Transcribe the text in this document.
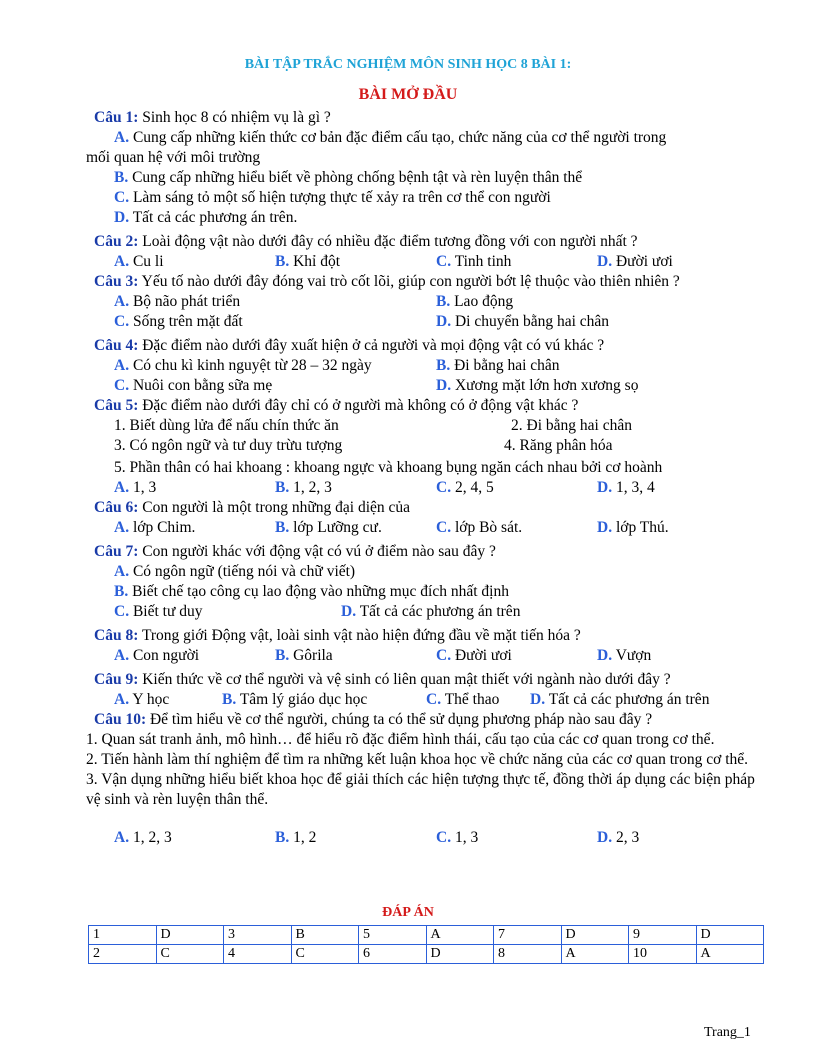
BÀI TẬP TRẮC NGHIỆM MÔN SINH HỌC 8 BÀI 1:
BÀI MỞ ĐẦU
Câu 1: Sinh học 8 có nhiệm vụ là gì ?
A. Cung cấp những kiến thức cơ bản đặc điểm cấu tạo, chức năng của cơ thể người trong
mối quan hệ với môi trường
B. Cung cấp những hiểu biết về phòng chống bệnh tật và rèn luyện thân thể
C. Làm sáng tỏ một số hiện tượng thực tế xảy ra trên cơ thể con người
D. Tất cả các phương án trên.
Câu 2: Loài động vật nào dưới đây có nhiều đặc điểm tương đồng với con người nhất ?
A. Cu li	B. Khỉ đột	C. Tinh tinh	D. Đười ươi
Câu 3: Yếu tố nào dưới đây đóng vai trò cốt lõi, giúp con người bớt lệ thuộc vào thiên nhiên ?
A. Bộ não phát triển	B. Lao động
C. Sống trên mặt đất	D. Di chuyển bằng hai chân
Câu 4: Đặc điểm nào dưới đây xuất hiện ở cả người và mọi động vật có vú khác ?
A. Có chu kì kinh nguyệt từ 28 – 32 ngày	B. Đi bằng hai chân
C. Nuôi con bằng sữa mẹ	D. Xương mặt lớn hơn xương sọ
Câu 5: Đặc điểm nào dưới đây chỉ có ở người mà không có ở động vật khác ?
1. Biết dùng lửa để nấu chín thức ăn	2. Đi bằng hai chân
3. Có ngôn ngữ và tư duy trừu tượng	4. Răng phân hóa
5. Phần thân có hai khoang : khoang ngực và khoang bụng ngăn cách nhau bởi cơ hoành
A. 1, 3	B. 1, 2, 3	C. 2, 4, 5	D. 1, 3, 4
Câu 6: Con người là một trong những đại diện của
A. lớp Chim.	B. lớp Lưỡng cư.	C. lớp Bò sát.	D. lớp Thú.
Câu 7: Con người khác với động vật có vú ở điểm nào sau đây ?
A. Có ngôn ngữ (tiếng nói và chữ viết)
B. Biết chế tạo công cụ lao động vào những mục đích nhất định
C. Biết tư duy	D. Tất cả các phương án trên
Câu 8: Trong giới Động vật, loài sinh vật nào hiện đứng đầu về mặt tiến hóa ?
A. Con người	B. Gôrila	C. Đười ươi	D. Vượn
Câu 9: Kiến thức về cơ thể người và vệ sinh có liên quan mật thiết với ngành nào dưới đây ?
A. Y học	B. Tâm lý giáo dục học	C. Thể thao	D. Tất cả các phương án trên
Câu 10: Để tìm hiểu về cơ thể người, chúng ta có thể sử dụng phương pháp nào sau đây ?
1. Quan sát tranh ảnh, mô hình… để hiểu rõ đặc điểm hình thái, cấu tạo của các cơ quan trong cơ thể.
2. Tiến hành làm thí nghiệm để tìm ra những kết luận khoa học về chức năng của các cơ quan trong cơ thể.
3. Vận dụng những hiểu biết khoa học để giải thích các hiện tượng thực tế, đồng thời áp dụng các biện pháp vệ sinh và rèn luyện thân thể.
A. 1, 2, 3	B. 1, 2	C. 1, 3	D. 2, 3
ĐÁP ÁN
1	D	3	B	5	A	7	D	9	D
2	C	4	C	6	D	8	A	10	A
Trang_1
